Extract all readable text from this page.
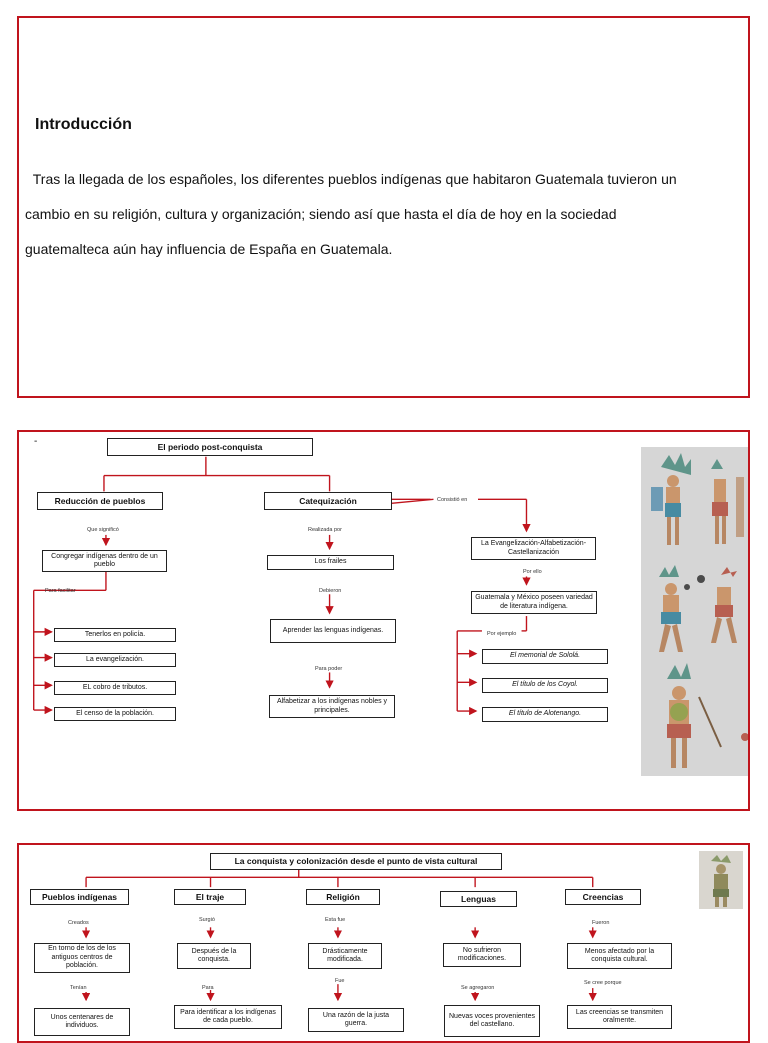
Introducción

Tras la llegada de los españoles, los diferentes pueblos indígenas que habitaron Guatemala tuvieron un

cambio en su religión, cultura y organización; siendo así que hasta el día de hoy en la sociedad

guatemalteca aún hay influencia de España en Guatemala.

-	El periodo post-conquista
Reducción de pueblos
Que significó
Congregar indígenas dentro de un pueblo
Para facilitar
Tenerlos en policía.
La evangelización.
EL cobro de tributos.
El censo de la población.
Catequización
Realizada por
Los frailes
Debieron
Aprender las lenguas indígenas.
Para poder
Alfabetizar a los indígenas nobles y principales.
Consistió en
La Evangelización-Alfabetización-Castellanización
Por ello
Guatemala y México poseen variedad de literatura indígena.
Por ejemplo
El memorial de Sololá.
El título de los Coyol.
El título de Alotenango.
La conquista y colonización desde el punto de vista cultural
Pueblos indígenas
Creados
En torno de los de los antiguos centros de población.
Tenían
Unos centenares de individuos.
El traje
Surgió
Después de la conquista.
Para
Para identificar a los indígenas de cada pueblo.
Religión
Esta fue
Drásticamente modificada.
Fue
Una razón de la justa guerra.
Lenguas
No sufrieron modificaciones.
Se agregaron
Nuevas voces provenientes del castellano.
Creencias
Fueron
Menos afectado por la conquista cultural.
Se cree porque
Las creencias se transmiten oralmente.
